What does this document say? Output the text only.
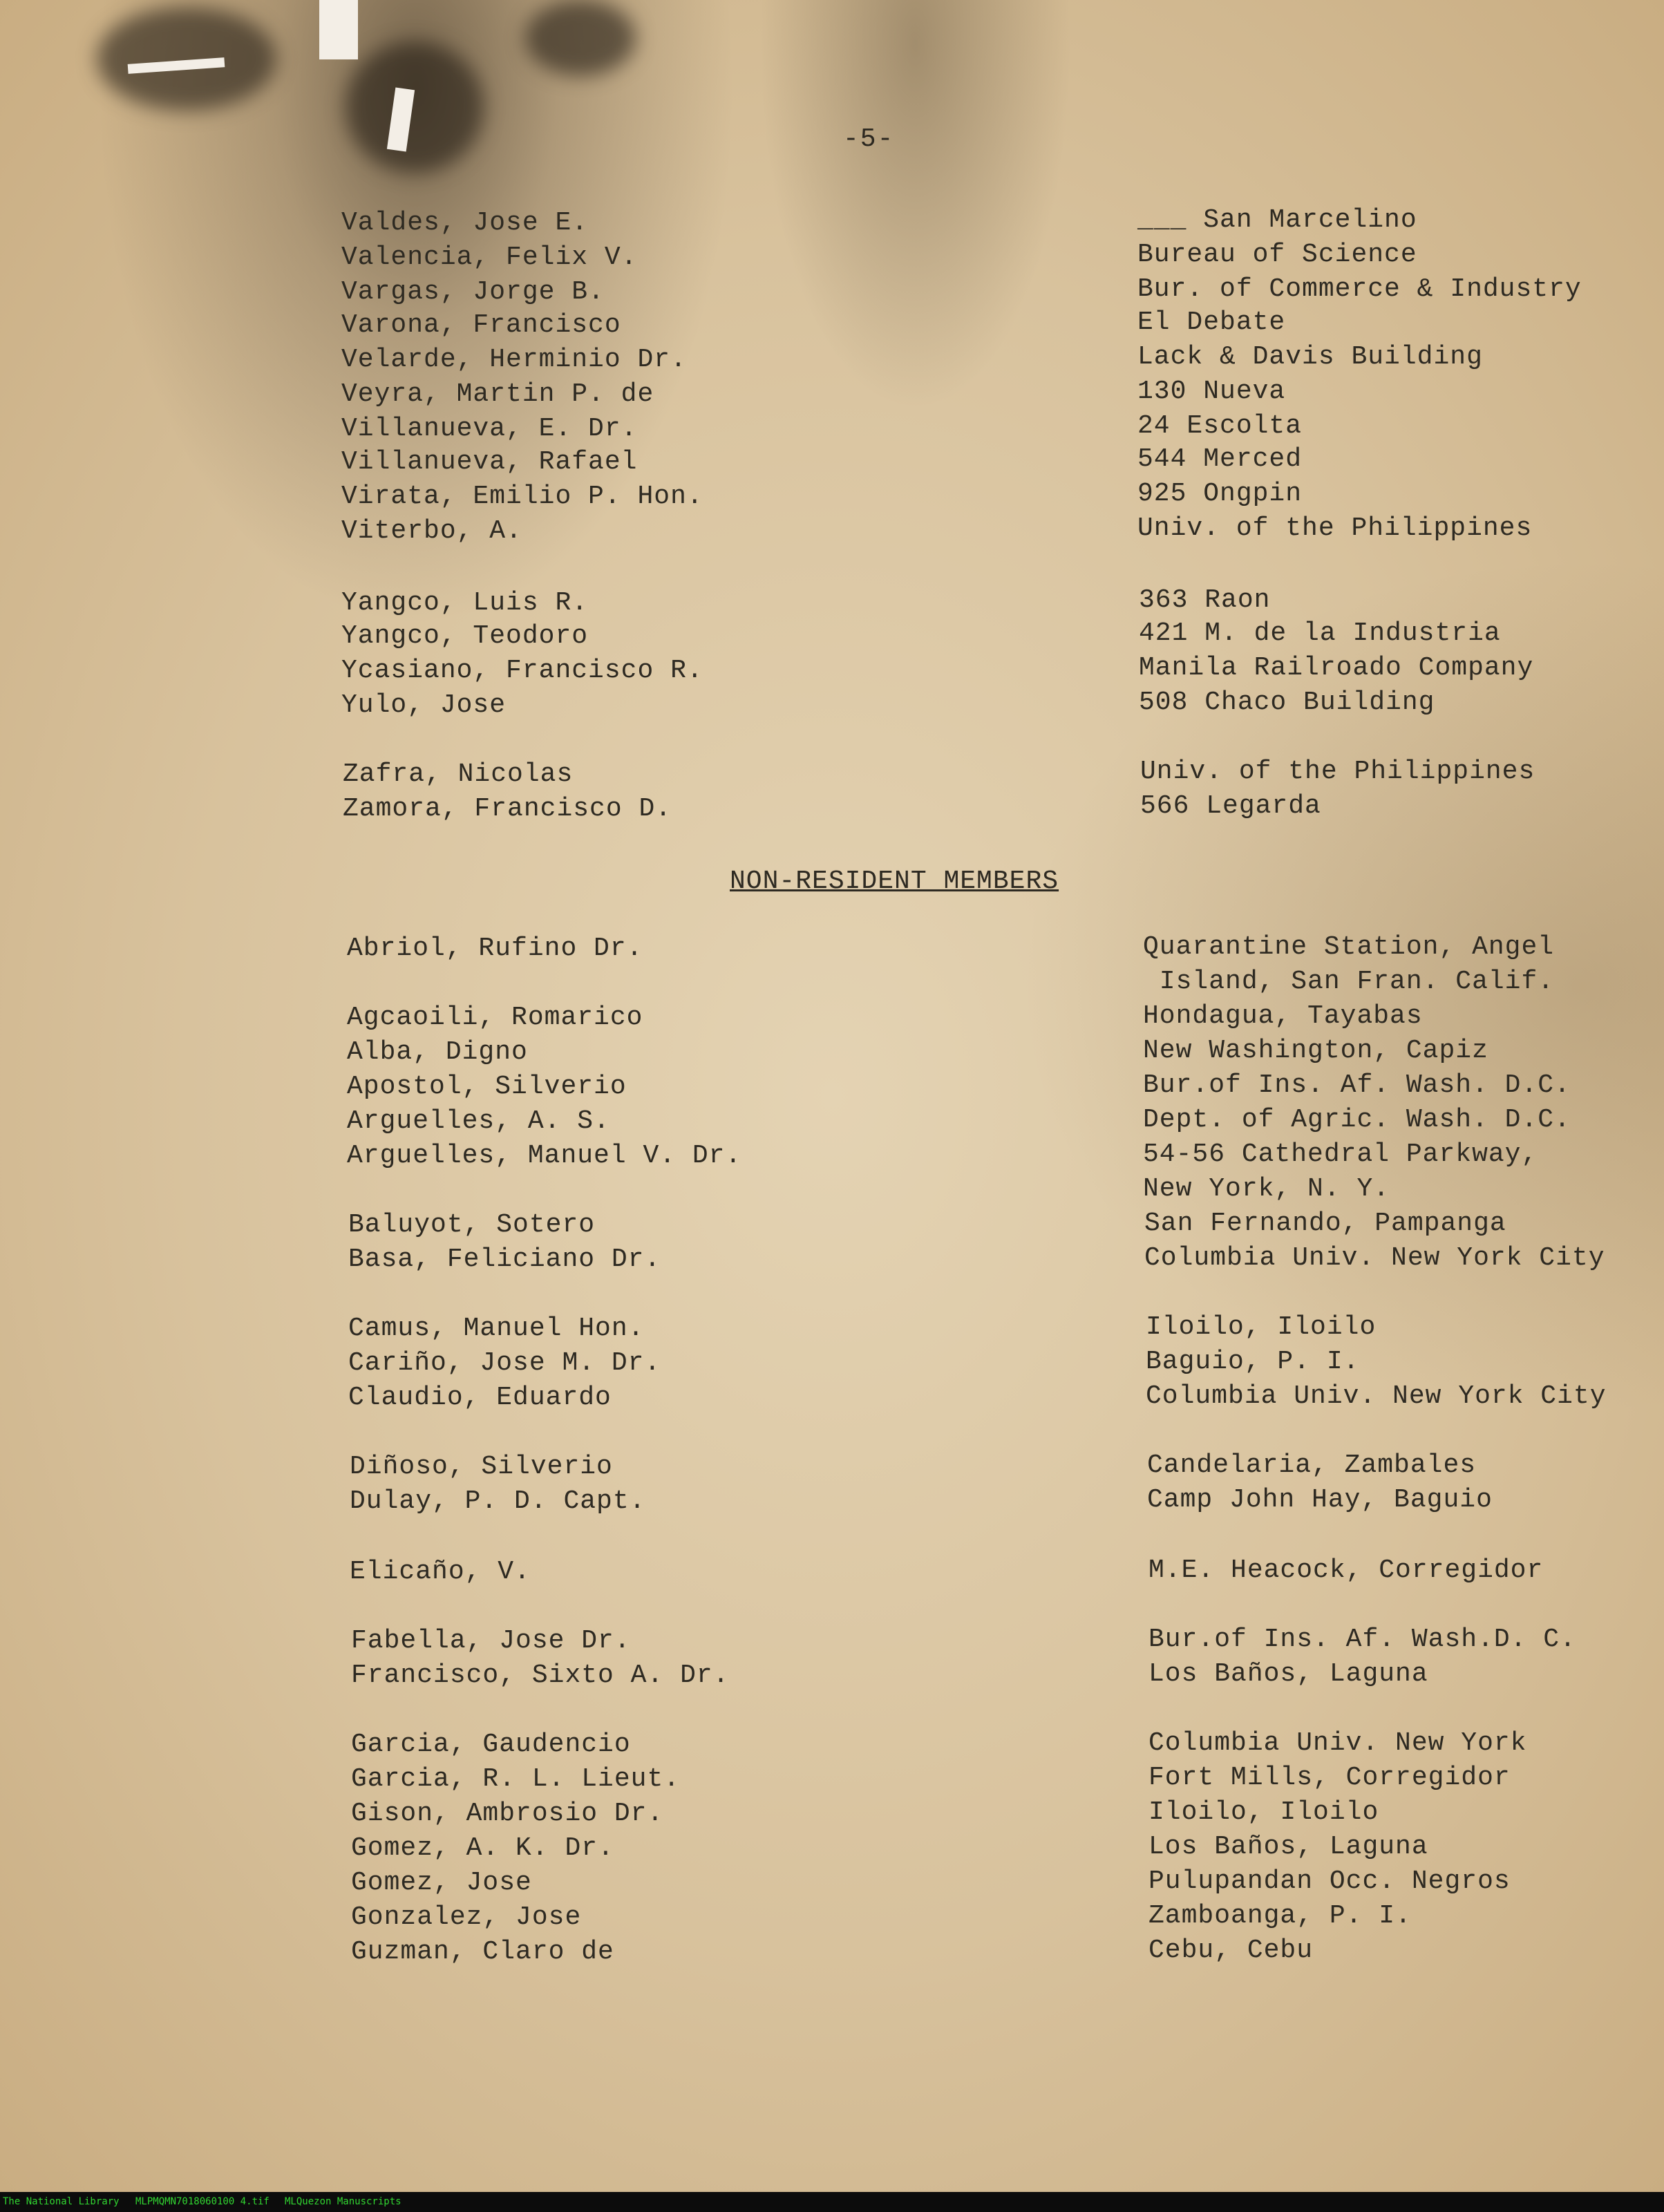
-5-
Valdes, Jose E.	___ San Marcelino
Valencia, Felix V.	Bureau of Science
Vargas, Jorge B.	Bur. of Commerce & Industry
Varona, Francisco	El Debate
Velarde, Herminio Dr.	Lack & Davis Building
Veyra, Martin P. de	130 Nueva
Villanueva, E. Dr.	24 Escolta
Villanueva, Rafael	544 Merced
Virata, Emilio P. Hon.	925 Ongpin
Viterbo, A.	Univ. of the Philippines
Yangco, Luis R.	363 Raon
Yangco, Teodoro	421 M. de la Industria
Ycasiano, Francisco R.	Manila Railroado Company
Yulo, Jose	508 Chaco Building
Zafra, Nicolas	Univ. of the Philippines
Zamora, Francisco D.	566 Legarda
NON-RESIDENT MEMBERS
Abriol, Rufino Dr.	Quarantine Station, Angel
Island, San Fran. Calif.
Agcaoili, Romarico	Hondagua, Tayabas
Alba, Digno	New Washington, Capiz
Apostol, Silverio	Bur.of Ins. Af. Wash. D.C.
Arguelles, A. S.	Dept. of Agric. Wash. D.C.
Arguelles, Manuel V. Dr.	54-56 Cathedral Parkway,
New York, N. Y.
Baluyot, Sotero	San Fernando, Pampanga
Basa, Feliciano Dr.	Columbia Univ. New York City
Camus, Manuel Hon.	Iloilo, Iloilo
Cariño, Jose M. Dr.	Baguio, P. I.
Claudio, Eduardo	Columbia Univ. New York City
Diñoso, Silverio	Candelaria, Zambales
Dulay, P. D. Capt.	Camp John Hay, Baguio
Elicaño, V.	M.E. Heacock, Corregidor
Fabella, Jose Dr.	Bur.of Ins. Af. Wash.D. C.
Francisco, Sixto A. Dr.	Los Baños, Laguna
Garcia, Gaudencio	Columbia Univ. New York
Garcia, R. L. Lieut.	Fort Mills, Corregidor
Gison, Ambrosio Dr.	Iloilo, Iloilo
Gomez, A. K. Dr.	Los Baños, Laguna
Gomez, Jose	Pulupandan Occ. Negros
Gonzalez, Jose	Zamboanga, P. I.
Guzman, Claro de	Cebu, Cebu
The National Library MLPMQMN7018060100 4.tif MLQuezon Manuscripts
